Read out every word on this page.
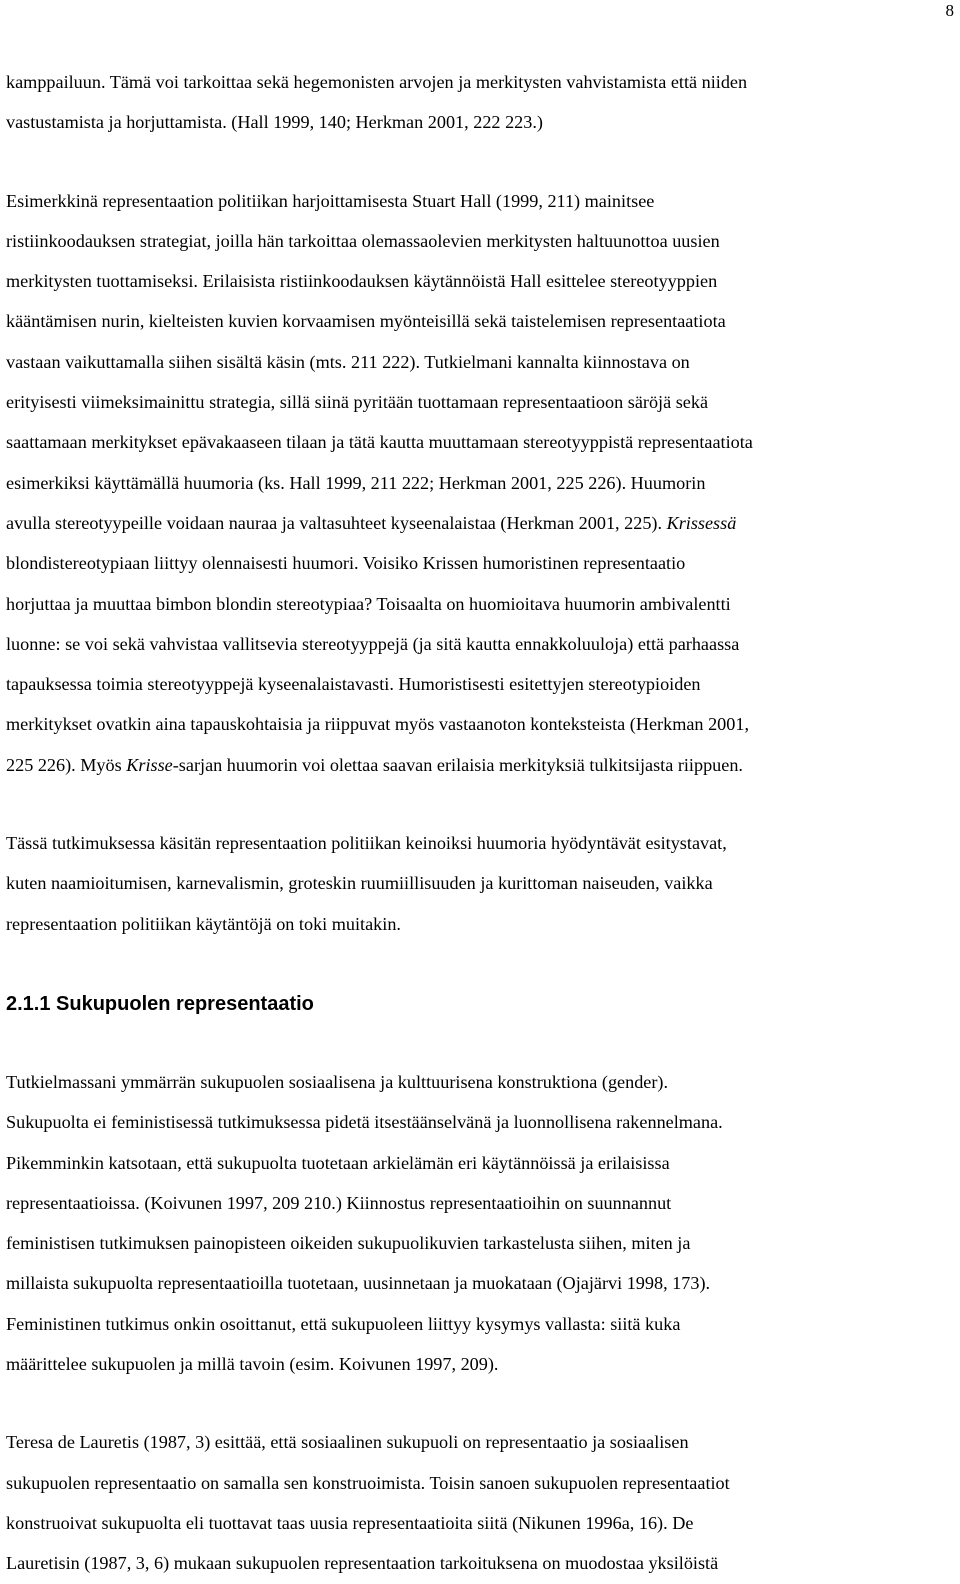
8

kamppailuun. Tämä voi tarkoittaa sekä hegemonisten arvojen ja merkitysten vahvistamista että niiden
vastustamista ja horjuttamista. (Hall 1999, 140; Herkman 2001, 222 223.)

Esimerkkinä representaation politiikan harjoittamisesta Stuart Hall (1999, 211) mainitsee
ristiinkoodauksen strategiat, joilla hän tarkoittaa olemassaolevien merkitysten haltuunottoa uusien
merkitysten tuottamiseksi. Erilaisista ristiinkoodauksen käytännöistä Hall esittelee stereotyyppien
kääntämisen nurin, kielteisten kuvien korvaamisen myönteisillä sekä taistelemisen representaatiota
vastaan vaikuttamalla siihen sisältä käsin (mts. 211 222). Tutkielmani kannalta kiinnostava on
erityisesti viimeksimainittu strategia, sillä siinä pyritään tuottamaan representaatioon säröjä sekä
saattamaan merkitykset epävakaaseen tilaan ja tätä kautta muuttamaan stereotyyppistä representaatiota
esimerkiksi käyttämällä huumoria (ks. Hall 1999, 211 222; Herkman 2001, 225 226). Huumorin
avulla stereotyypeille voidaan nauraa ja valtasuhteet kyseenalaistaa (Herkman 2001, 225). Krissessä
blondistereotypiaan liittyy olennaisesti huumori. Voisiko Krissen humoristinen representaatio
horjuttaa ja muuttaa bimbon blondin stereotypiaa? Toisaalta on huomioitava huumorin ambivalentti
luonne: se voi sekä vahvistaa vallitsevia stereotyyppejä (ja sitä kautta ennakkoluuloja) että parhaassa
tapauksessa toimia stereotyyppejä kyseenalaistavasti. Humoristisesti esitettyjen stereotypioiden
merkitykset ovatkin aina tapauskohtaisia ja riippuvat myös vastaanoton konteksteista (Herkman 2001,
225 226). Myös Krisse-sarjan huumorin voi olettaa saavan erilaisia merkityksiä tulkitsijasta riippuen.

Tässä tutkimuksessa käsitän representaation politiikan keinoiksi huumoria hyödyntävät esitystavat,
kuten naamioitumisen, karnevalismin, groteskin ruumiillisuuden ja kurittoman naiseuden, vaikka
representaation politiikan käytäntöjä on toki muitakin.

2.1.1 Sukupuolen representaatio

Tutkielmassani ymmärrän sukupuolen sosiaalisena ja kulttuurisena konstruktiona (gender).
Sukupuolta ei feministisessä tutkimuksessa pidetä itsestäänselvänä ja luonnollisena rakennelmana.
Pikemminkin katsotaan, että sukupuolta tuotetaan arkielämän eri käytännöissä ja erilaisissa
representaatioissa. (Koivunen 1997, 209 210.) Kiinnostus representaatioihin on suunnannut
feministisen tutkimuksen painopisteen oikeiden sukupuolikuvien tarkastelusta siihen, miten ja
millaista sukupuolta representaatioilla tuotetaan, uusinnetaan ja muokataan (Ojajärvi 1998, 173).
Feministinen tutkimus onkin osoittanut, että sukupuoleen liittyy kysymys vallasta: siitä kuka
määrittelee sukupuolen ja millä tavoin (esim. Koivunen 1997, 209).

Teresa de Lauretis (1987, 3) esittää, että sosiaalinen sukupuoli on representaatio ja sosiaalisen
sukupuolen representaatio on samalla sen konstruoimista. Toisin sanoen sukupuolen representaatiot
konstruoivat sukupuolta eli tuottavat taas uusia representaatioita siitä (Nikunen 1996a, 16). De
Lauretisin (1987, 3, 6) mukaan sukupuolen representaation tarkoituksena on muodostaa yksilöistä
